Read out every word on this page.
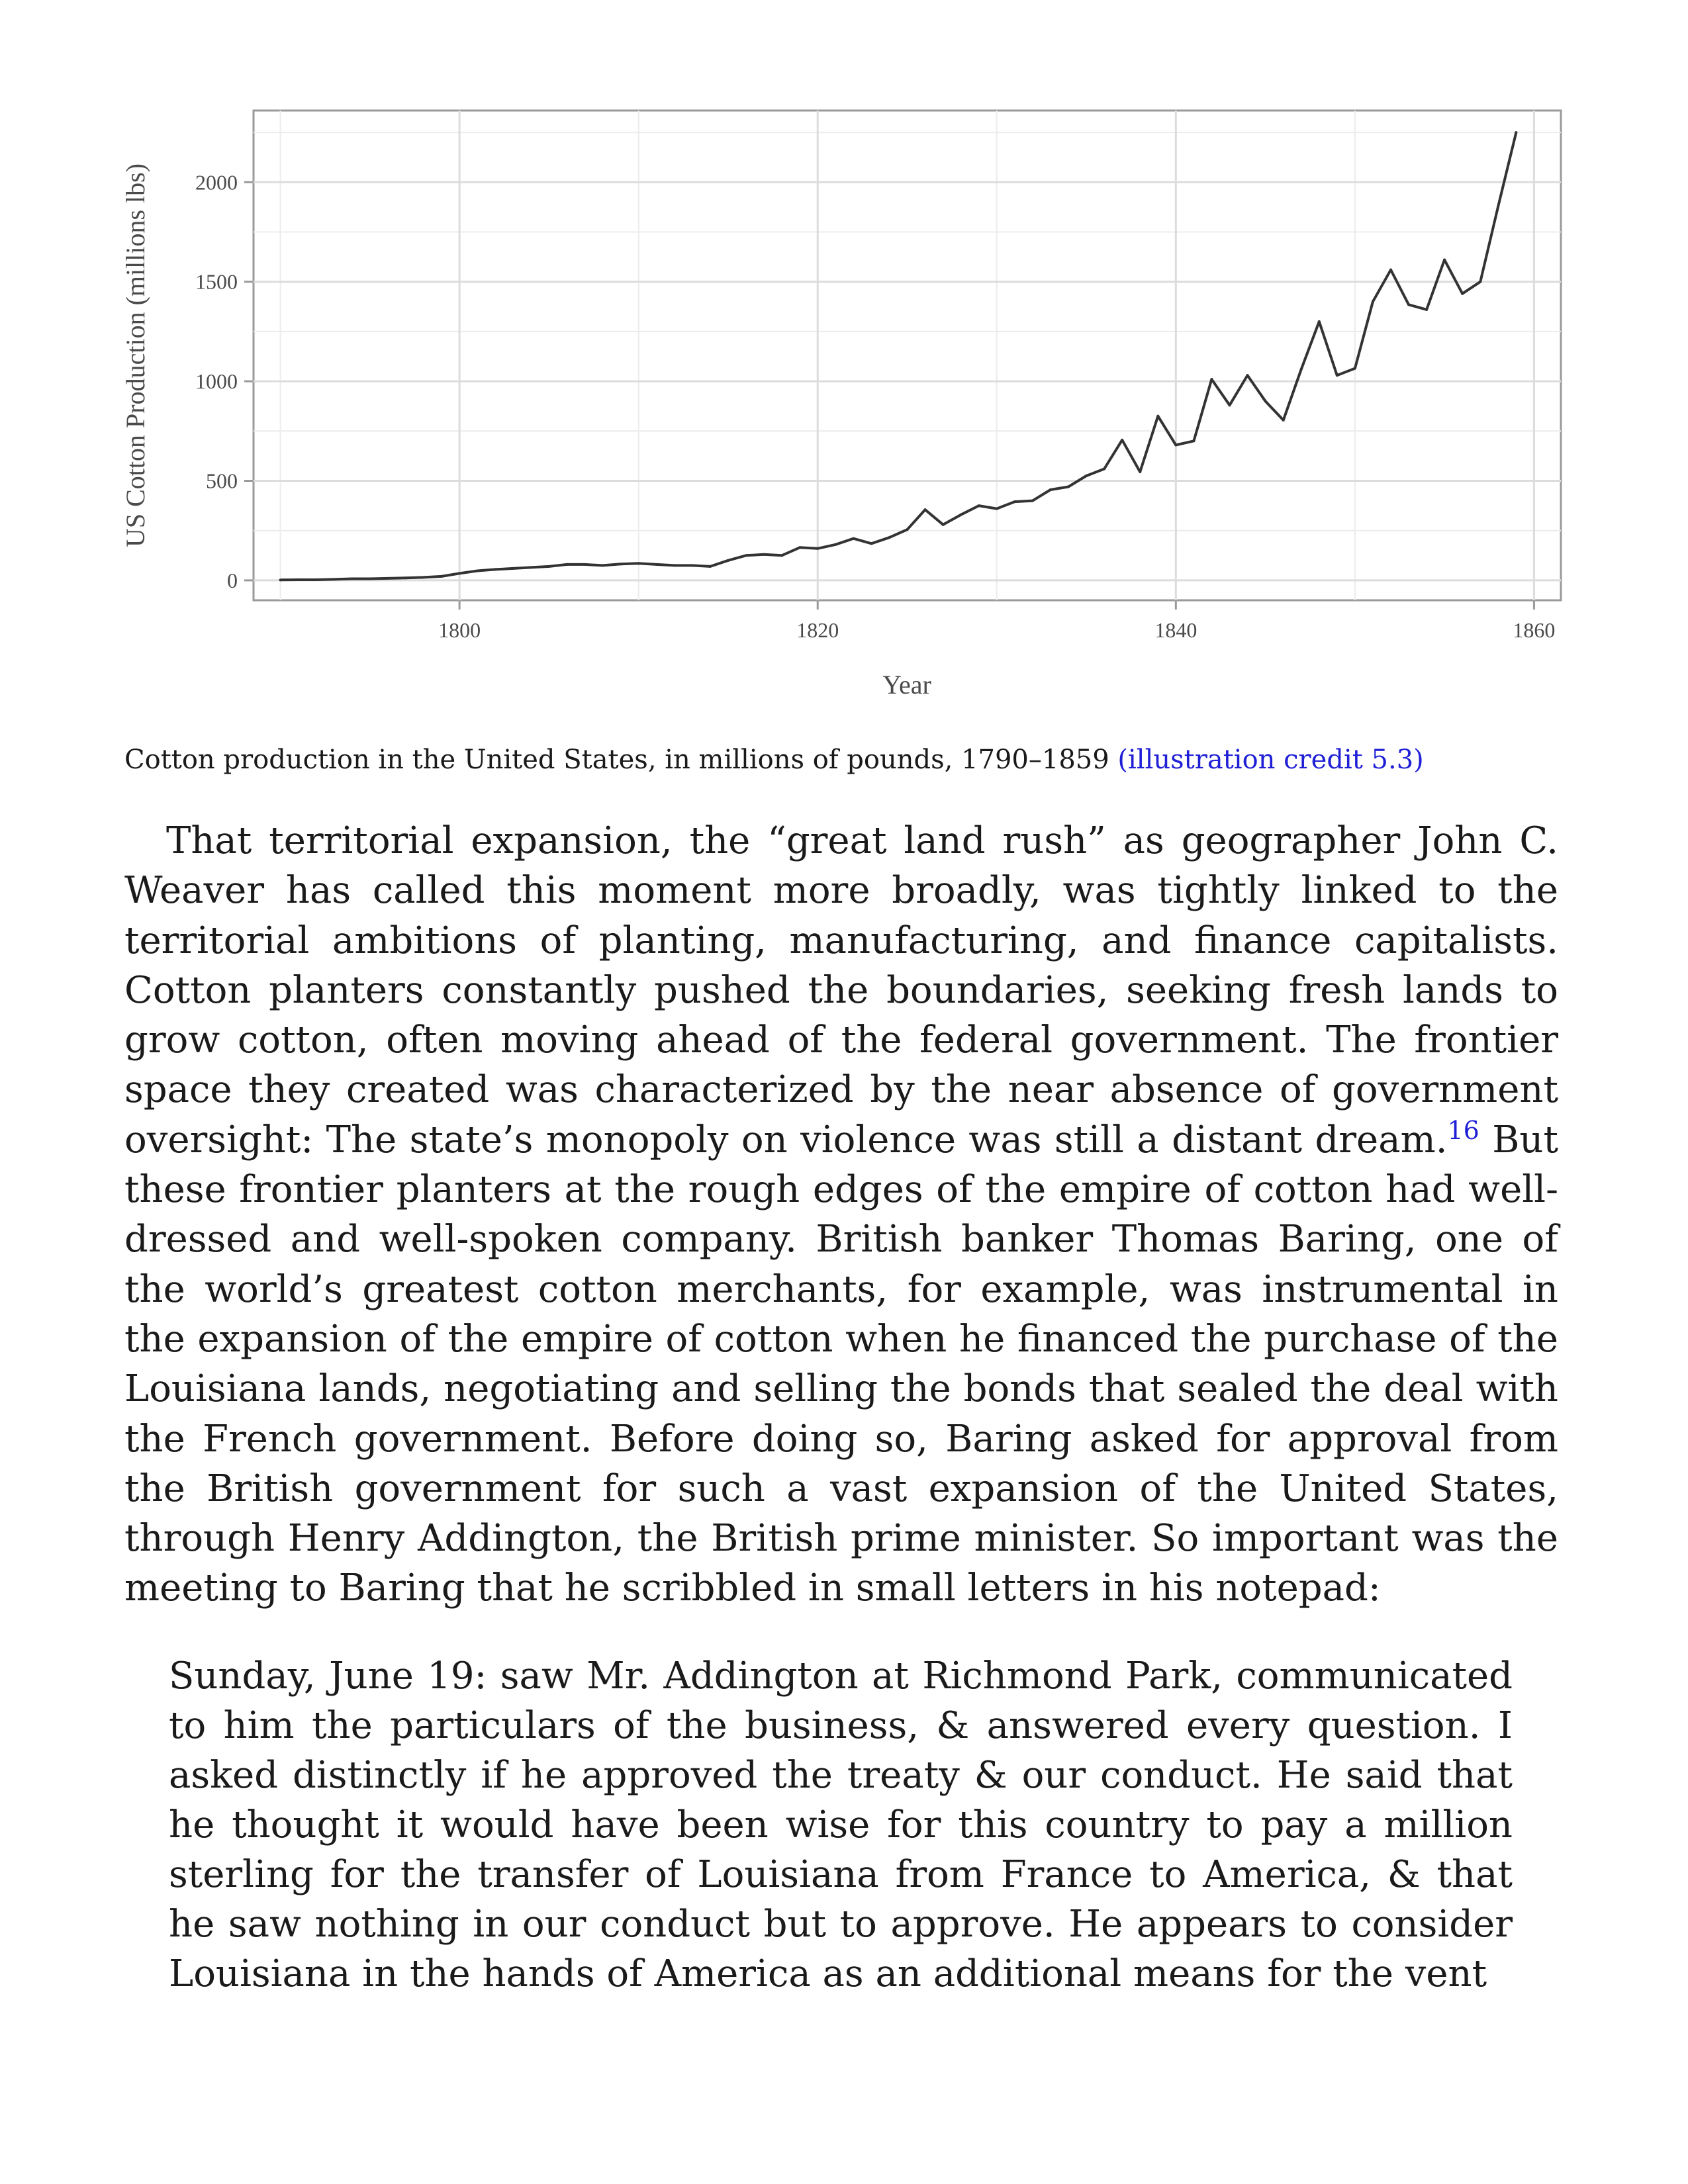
1800	1820	1840	1860
0
500
1000
1500
2000
Year
US Cotton Production (millions lbs)
Cotton production in the United States, in millions of pounds, 1790–1859 (illustration credit 5.3)

That territorial expansion, the “great land rush” as geographer John C. Weaver has called this moment more broadly, was tightly linked to the territorial ambitions of planting, manufacturing, and finance capitalists. Cotton planters constantly pushed the boundaries, seeking fresh lands to grow cotton, often moving ahead of the federal government. The frontier space they created was characterized by the near absence of government oversight: The state’s monopoly on violence was still a distant dream.$^{16}$ But these frontier planters at the rough edges of the empire of cotton had well-dressed and well-spoken company. British banker Thomas Baring, one of the world’s greatest cotton merchants, for example, was instrumental in the expansion of the empire of cotton when he financed the purchase of the Louisiana lands, negotiating and selling the bonds that sealed the deal with the French government. Before doing so, Baring asked for approval from the British government for such a vast expansion of the United States, through Henry Addington, the British prime minister. So important was the meeting to Baring that he scribbled in small letters in his notepad:

Sunday, June 19: saw Mr. Addington at Richmond Park, communicated to him the particulars of the business, & answered every question. I asked distinctly if he approved the treaty & our conduct. He said that he thought it would have been wise for this country to pay a million sterling for the transfer of Louisiana from France to America, & that he saw nothing in our conduct but to approve. He appears to consider Louisiana in the hands of America as an additional means for the vent
